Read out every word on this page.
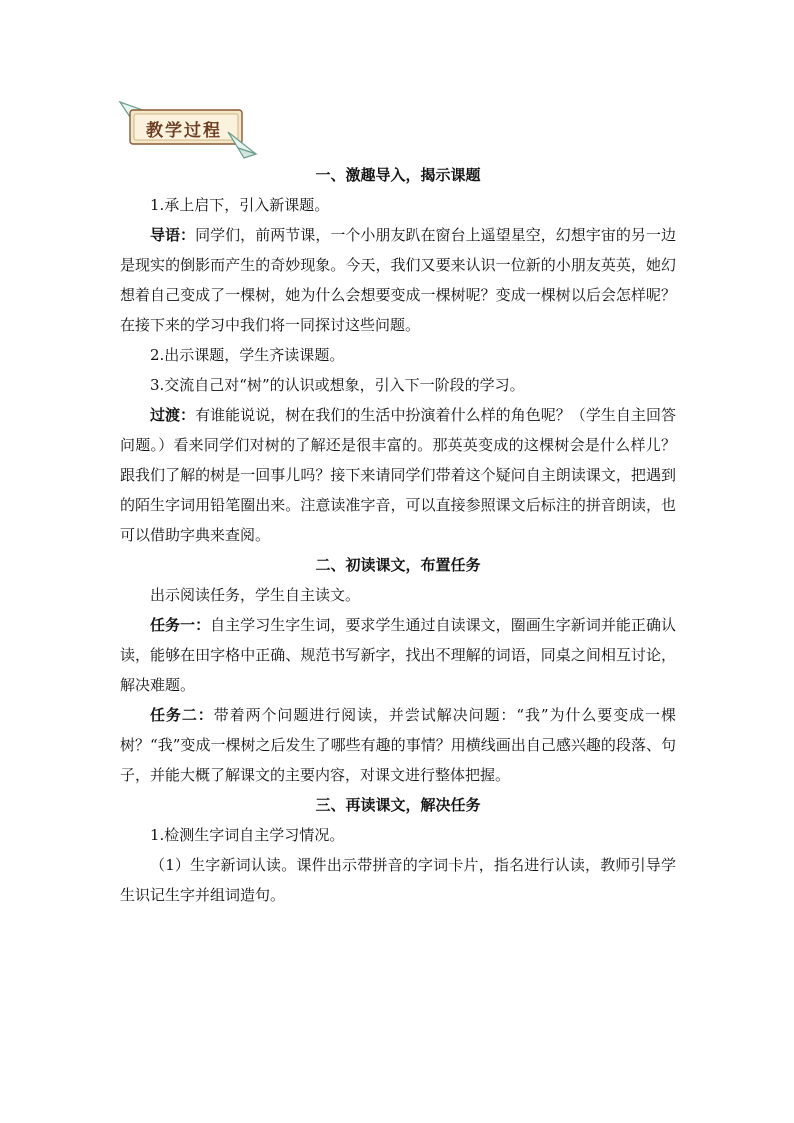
教学过程

一、激趣导入，揭示课题

1.承上启下，引入新课题。

导语：同学们，前两节课，一个小朋友趴在窗台上遥望星空，幻想宇宙的另一边是现实的倒影而产生的奇妙现象。今天，我们又要来认识一位新的小朋友英英，她幻想着自己变成了一棵树，她为什么会想要变成一棵树呢？变成一棵树以后会怎样呢？在接下来的学习中我们将一同探讨这些问题。

2.出示课题，学生齐读课题。

3.交流自己对“树”的认识或想象，引入下一阶段的学习。

过渡：有谁能说说，树在我们的生活中扮演着什么样的角色呢？（学生自主回答问题。）看来同学们对树的了解还是很丰富的。那英英变成的这棵树会是什么样儿？跟我们了解的树是一回事儿吗？接下来请同学们带着这个疑问自主朗读课文，把遇到的陌生字词用铅笔圈出来。注意读准字音，可以直接参照课文后标注的拼音朗读，也可以借助字典来查阅。

二、初读课文，布置任务

出示阅读任务，学生自主读文。

任务一：自主学习生字生词，要求学生通过自读课文，圈画生字新词并能正确认读，能够在田字格中正确、规范书写新字，找出不理解的词语，同桌之间相互讨论，解决难题。

任务二：带着两个问题进行阅读，并尝试解决问题：“我”为什么要变成一棵树？“我”变成一棵树之后发生了哪些有趣的事情？用横线画出自己感兴趣的段落、句子，并能大概了解课文的主要内容，对课文进行整体把握。

三、再读课文，解决任务

1.检测生字词自主学习情况。

（1）生字新词认读。课件出示带拼音的字词卡片，指名进行认读，教师引导学生识记生字并组词造句。
